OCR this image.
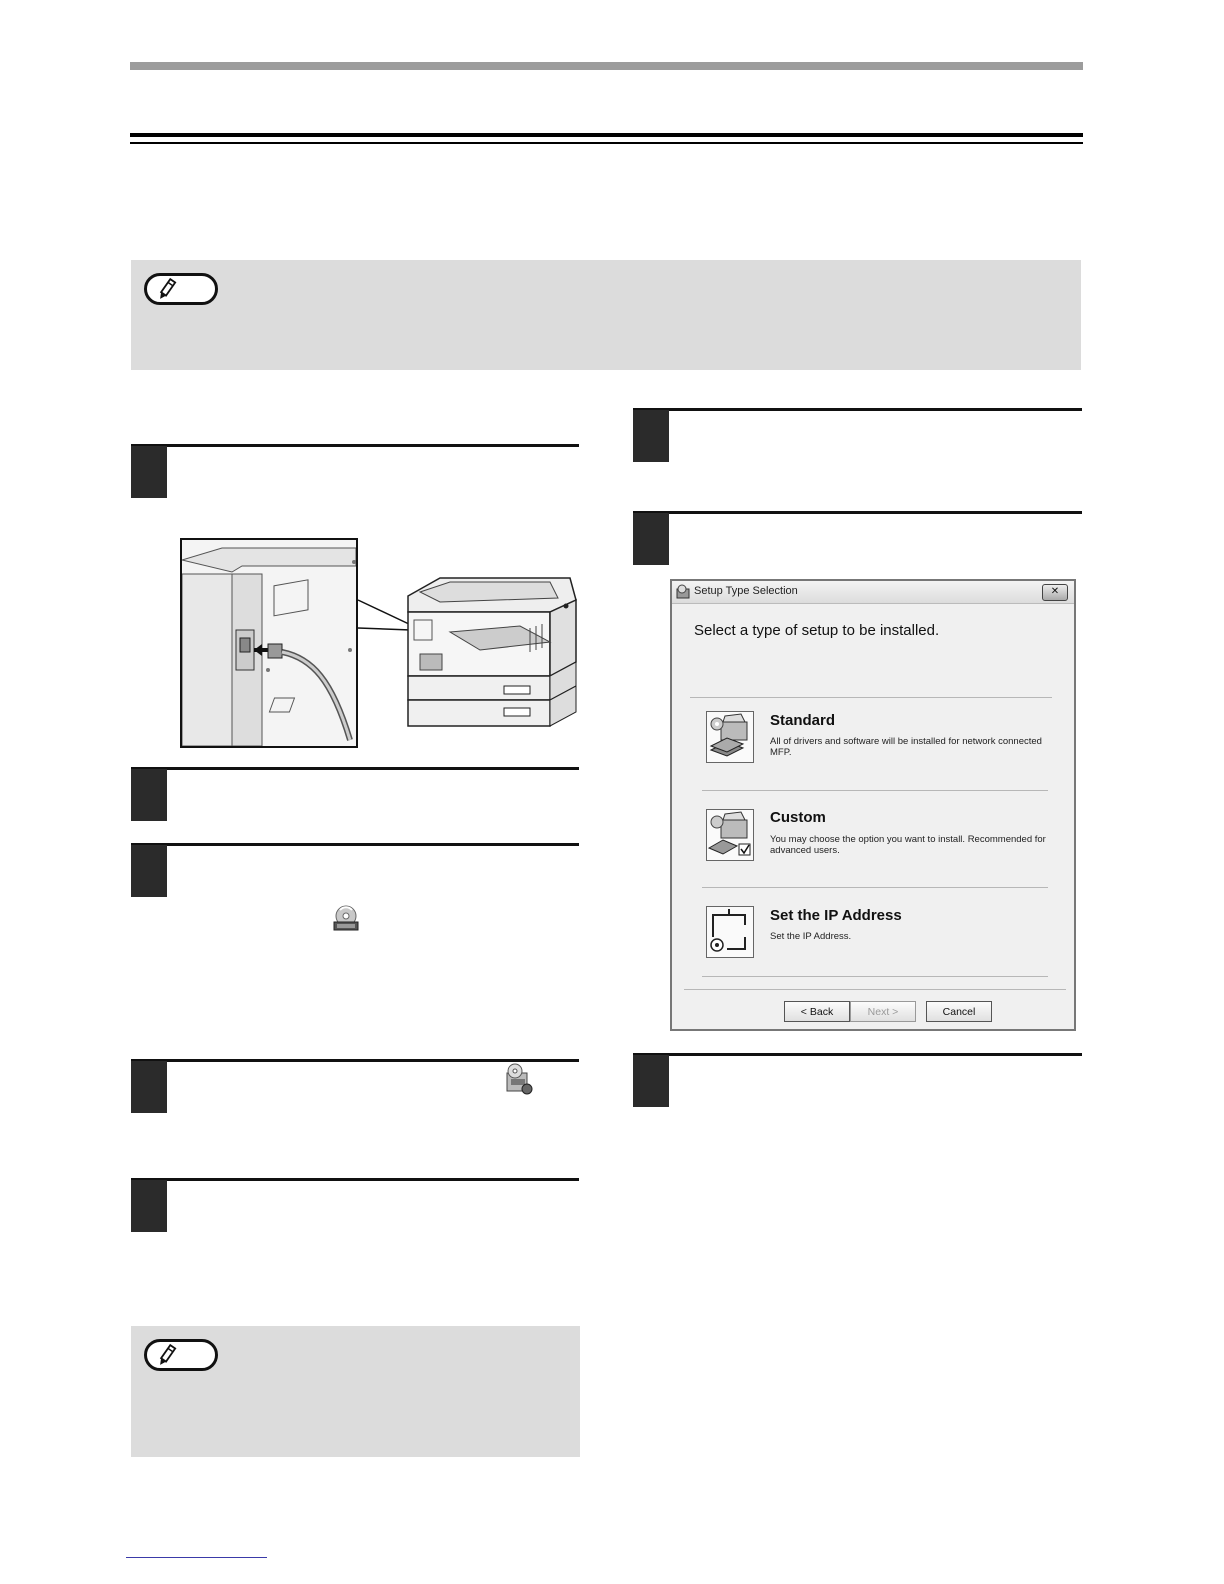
Setup Type Selection	✕
Select a type of setup to be installed.
Standard
All of drivers and software will be installed for network connected MFP.
Custom
You may choose the option you want to install. Recommended for advanced users.
Set the IP Address
Set the IP Address.
< Back	Next >	Cancel
